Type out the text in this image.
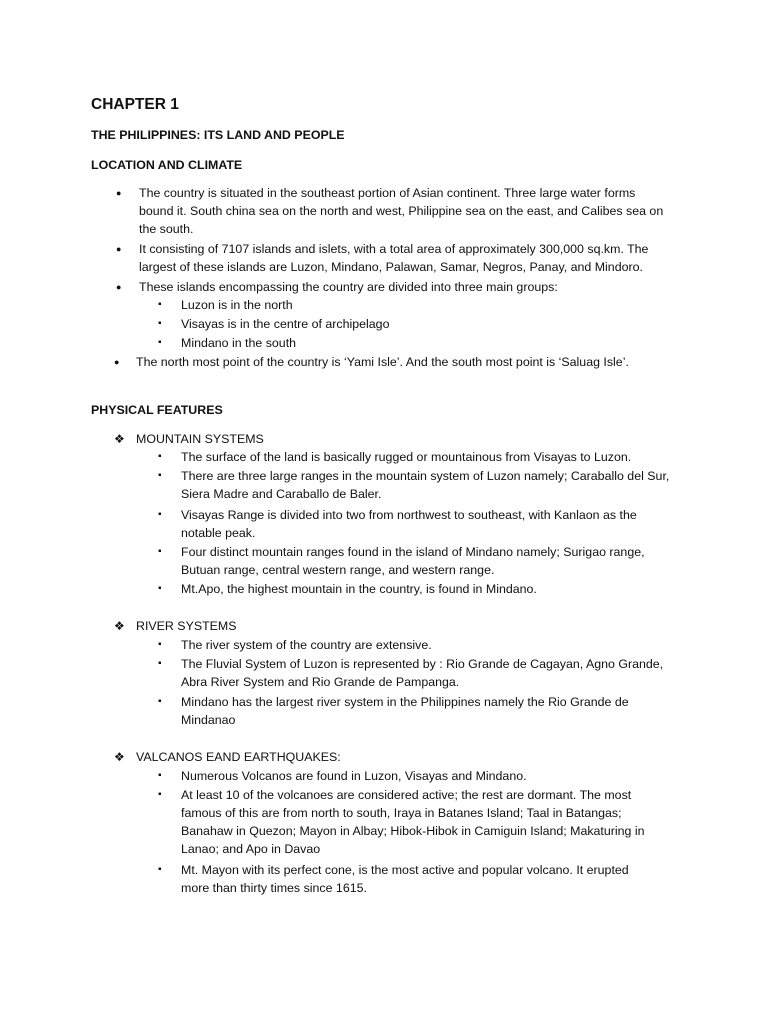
CHAPTER 1
THE PHILIPPINES: ITS LAND AND PEOPLE
LOCATION AND CLIMATE
● The country is situated in the southeast portion of Asian continent. Three large water forms
bound it. South china sea on the north and west, Philippine sea on the east, and Calibes sea on
the south.
● It consisting of 7107 islands and islets, with a total area of approximately 300,000 sq.km. The
largest of these islands are Luzon, Mindano, Palawan, Samar, Negros, Panay, and Mindoro.
● These islands encompassing the country are divided into three main groups:
▪ Luzon is in the north
▪ Visayas is in the centre of archipelago
▪ Mindano in the south
● The north most point of the country is ‘Yami Isle’. And the south most point is ‘Saluag Isle’.
PHYSICAL FEATURES
❖ MOUNTAIN SYSTEMS
▪ The surface of the land is basically rugged or mountainous from Visayas to Luzon.
▪ There are three large ranges in the mountain system of Luzon namely; Caraballo del Sur,
Siera Madre and Caraballo de Baler.
▪ Visayas Range is divided into two from northwest to southeast, with Kanlaon as the
notable peak.
▪ Four distinct mountain ranges found in the island of Mindano namely; Surigao range,
Butuan range, central western range, and western range.
▪ Mt.Apo, the highest mountain in the country, is found in Mindano.
❖ RIVER SYSTEMS
▪ The river system of the country are extensive.
▪ The Fluvial System of Luzon is represented by : Rio Grande de Cagayan, Agno Grande,
Abra River System and Rio Grande de Pampanga.
▪ Mindano has the largest river system in the Philippines namely the Rio Grande de
Mindanao
❖ VALCANOS EAND EARTHQUAKES:
▪ Numerous Volcanos are found in Luzon, Visayas and Mindano.
▪ At least 10 of the volcanoes are considered active; the rest are dormant. The most
famous of this are from north to south, Iraya in Batanes Island; Taal in Batangas;
Banahaw in Quezon; Mayon in Albay; Hibok-Hibok in Camiguin Island; Makaturing in
Lanao; and Apo in Davao
▪ Mt. Mayon with its perfect cone, is the most active and popular volcano. It erupted
more than thirty times since 1615.
